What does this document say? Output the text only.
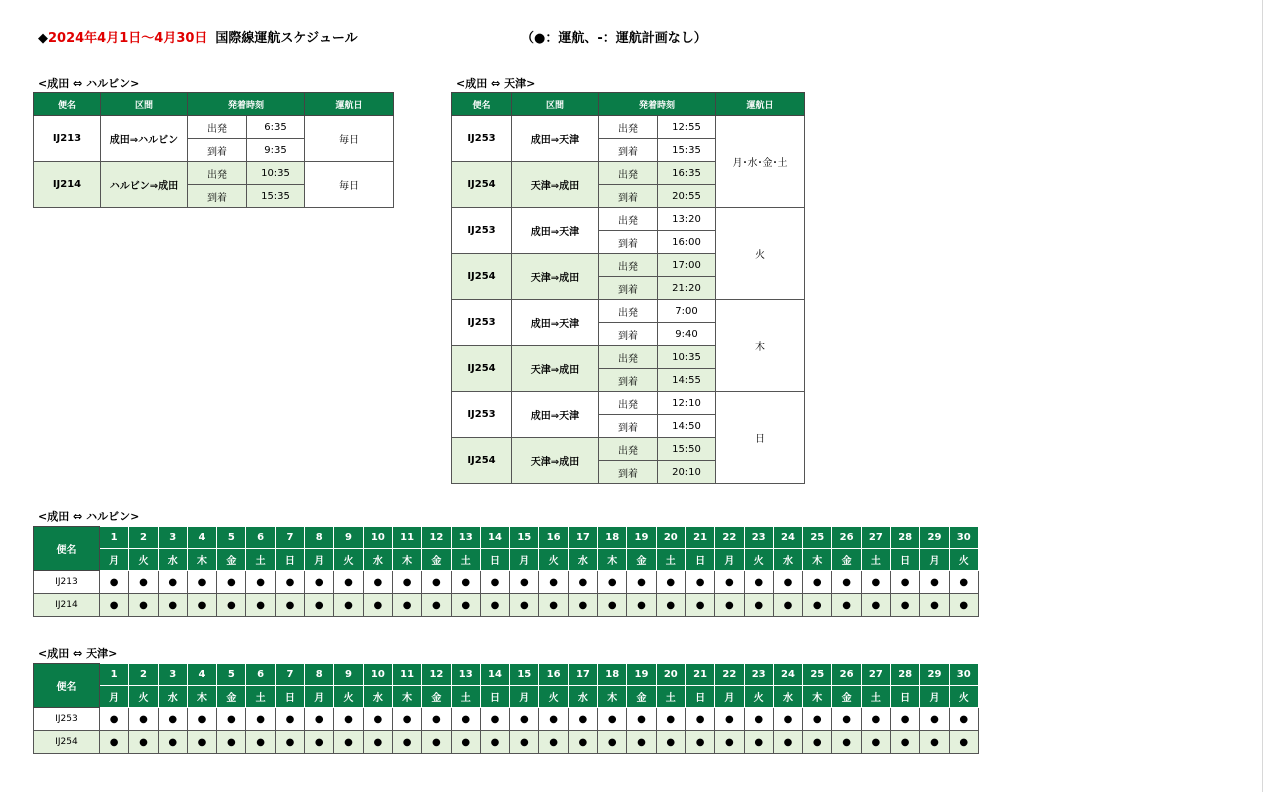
◆2024年4月1日～4月30日 国際線運航スケジュール	（●：運航、-：運航計画なし）
<成田 ⇔ ハルビン>	<成田 ⇔ 天津>
便名	区間	発着時刻		運航日
IJ213	成田⇒ハルビン	出発	6:35	毎日
		到着	9:35	
IJ214	ハルビン⇒成田	出発	10:35	毎日
		到着	15:35	
便名	区間	発着時刻		運航日
IJ253	成田⇒天津	出発	12:55	月･水･金･土
		到着	15:35	
IJ254	天津⇒成田	出発	16:35	
		到着	20:55	
IJ253	成田⇒天津	出発	13:20	火
		到着	16:00	
IJ254	天津⇒成田	出発	17:00	
		到着	21:20	
IJ253	成田⇒天津	出発	7:00	木
		到着	9:40	
IJ254	天津⇒成田	出発	10:35	
		到着	14:55	
IJ253	成田⇒天津	出発	12:10	日
		到着	14:50	
IJ254	天津⇒成田	出発	15:50	
		到着	20:10	
<成田 ⇔ ハルビン>
便名	1	2	3	4	5	6	7	8	9	10	11	12	13	14	15	16	17	18	19	20	21	22	23	24	25	26	27	28	29	30
	月	火	水	木	金	土	日	月	火	水	木	金	土	日	月	火	水	木	金	土	日	月	火	水	木	金	土	日	月	火
IJ213	●	●	●	●	●	●	●	●	●	●	●	●	●	●	●	●	●	●	●	●	●	●	●	●	●	●	●	●	●	●
IJ214	●	●	●	●	●	●	●	●	●	●	●	●	●	●	●	●	●	●	●	●	●	●	●	●	●	●	●	●	●	●
<成田 ⇔ 天津>
便名	1	2	3	4	5	6	7	8	9	10	11	12	13	14	15	16	17	18	19	20	21	22	23	24	25	26	27	28	29	30
	月	火	水	木	金	土	日	月	火	水	木	金	土	日	月	火	水	木	金	土	日	月	火	水	木	金	土	日	月	火
IJ253	●	●	●	●	●	●	●	●	●	●	●	●	●	●	●	●	●	●	●	●	●	●	●	●	●	●	●	●	●	●
IJ254	●	●	●	●	●	●	●	●	●	●	●	●	●	●	●	●	●	●	●	●	●	●	●	●	●	●	●	●	●	●
